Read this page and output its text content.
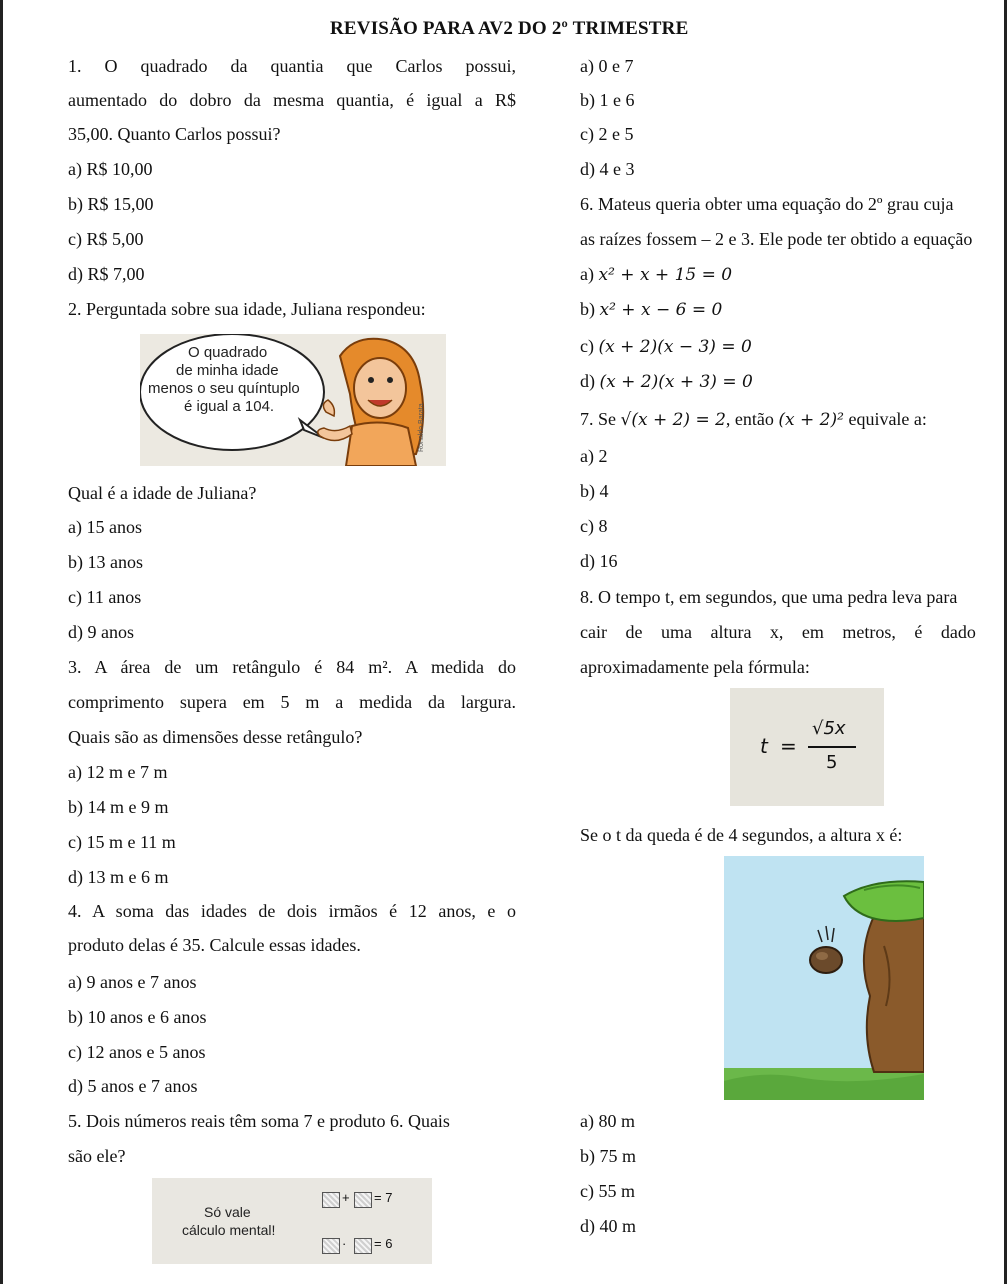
REVISÃO PARA AV2 DO 2º TRIMESTRE
1. O quadrado da quantia que Carlos possui,
aumentado do dobro da mesma quantia, é igual a R$
35,00. Quanto Carlos possui?
a) R$ 10,00
b) R$ 15,00
c) R$ 5,00
d) R$ 7,00
2. Perguntada sobre sua idade, Juliana respondeu:
O quadrado
de minha idade
menos o seu quíntuplo
é igual a 104.	Ronaldo Barata
Qual é a idade de Juliana?
a) 15 anos
b) 13 anos
c) 11 anos
d) 9 anos
3. A área de um retângulo é 84 m². A medida do
comprimento supera em 5 m a medida da largura.
Quais são as dimensões desse retângulo?
a) 12 m e 7 m
b) 14 m e 9 m
c) 15 m e 11 m
d) 13 m e 6 m
4. A soma das idades de dois irmãos é 12 anos, e o
produto delas é 35. Calcule essas idades.
a) 9 anos e 7 anos
b) 10 anos e 6 anos
c) 12 anos e 5 anos
d) 5 anos e 7 anos
5. Dois números reais têm soma 7 e produto 6. Quais
são ele?
Só vale
cálculo mental!
+ = 7
· = 6
a) 0 e 7
b) 1 e 6
c) 2 e 5
d) 4 e 3
6. Mateus queria obter uma equação do 2º grau cuja
as raízes fossem – 2 e 3. Ele pode ter obtido a equação
a) x² + x + 15 = 0
b) x² + x − 6 = 0
c) (x + 2)(x − 3) = 0
d) (x + 2)(x + 3) = 0
7. Se √(x + 2) = 2, então (x + 2)² equivale a:
a) 2
b) 4
c) 8
d) 16
8. O tempo t, em segundos, que uma pedra leva para
cair de uma altura x, em metros, é dado
aproximadamente pela fórmula:
t =
√5x
5
Se o t da queda é de 4 segundos, a altura x é:
a) 80 m
b) 75 m
c) 55 m
d) 40 m
